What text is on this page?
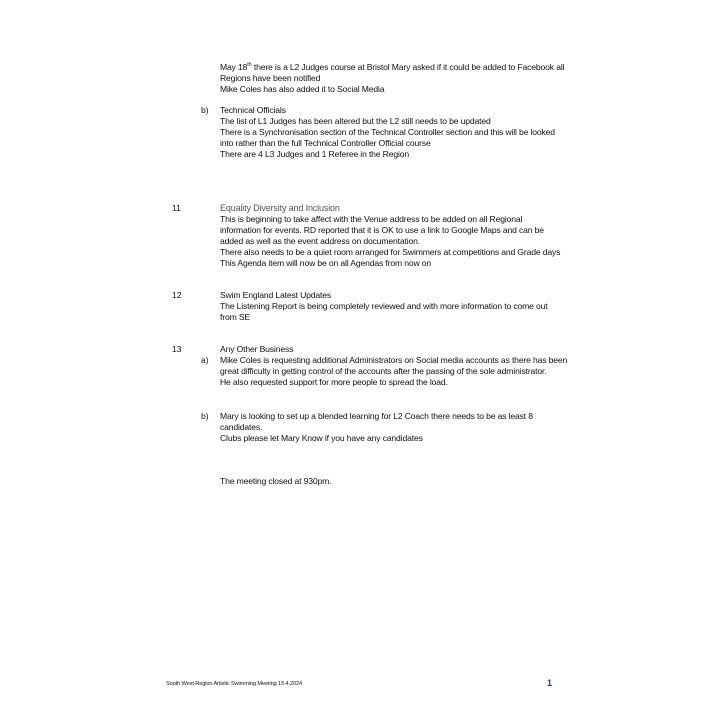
May 18th there is a L2 Judges course at Bristol Mary asked if it could be added to Facebook all
Regions have been notified
Mike Coles has also added it to Social Media
b) Technical Officials
The list of L1 Judges has been altered but the L2 still needs to be updated
There is a Synchronisation section of the Technical Controller section and this will be looked
into rather than the full Technical Controller Official course
There are 4 L3 Judges and 1 Referee in the Region
11	Equality Diversity and Inclusion
This is beginning to take affect with the Venue address to be added on all Regional
information for events. RD reported that it is OK to use a link to Google Maps and can be
added as well as the event address on documentation.
There also needs to be a quiet room arranged for Swimmers at competitions and Grade days
This Agenda item will now be on all Agendas from now on
12	Swim England Latest Updates
The Listening Report is being completely reviewed and with more information to come out
from SE
13	Any Other Business
a) Mike Coles is requesting additional Administrators on Social media accounts as there has been
great difficulty in getting control of the accounts after the passing of the sole administrator.
He also requested support for more people to spread the load.
b) Mary is looking to set up a blended learning for L2 Coach there needs to be as least 8
candidates.
Clubs please let Mary Know if you have any candidates
The meeting closed at 930pm.
South West Region Artistic Swimming Meeting 15.4.2024	1
